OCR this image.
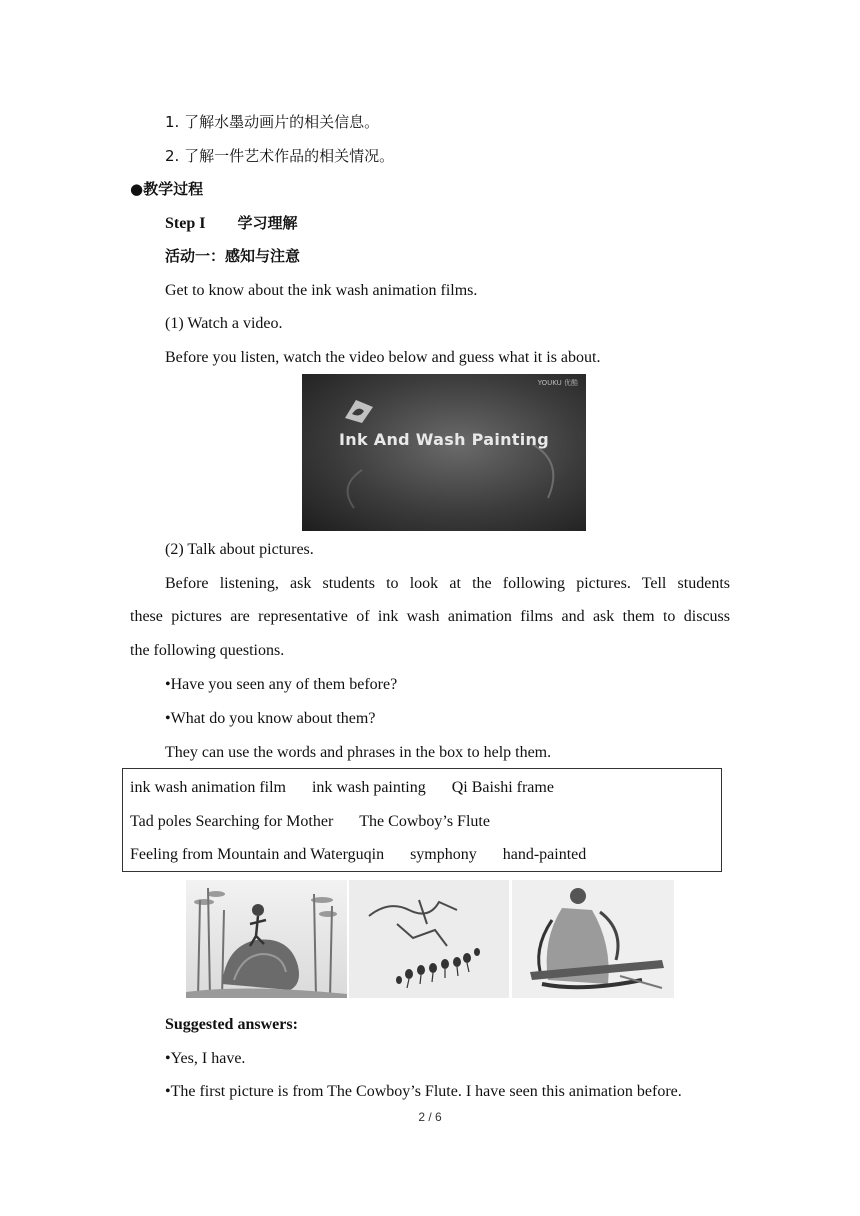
1. 了解水墨动画片的相关信息。
2. 了解一件艺术作品的相关情况。
●教学过程
Step I 学习理解
活动一：感知与注意
Get to know about the ink wash animation films.
(1) Watch a video.
Before you listen, watch the video below and guess what it is about.
YOUKU 优酷
Ink And Wash Painting
(2) Talk about pictures.
Before listening, ask students to look at the following pictures. Tell students
these pictures are representative of ink wash animation films and ask them to discuss
the following questions.
•Have you seen any of them before?
•What do you know about them?
They can use the words and phrases in the box to help them.
ink wash animation film ink wash painting Qi Baishi frame
Tad poles Searching for Mother The Cowboy’s Flute
Feeling from Mountain and Waterguqin symphony hand-painted
Suggested answers:
•Yes, I have.
•The first picture is from The Cowboy’s Flute. I have seen this animation before.
2 / 6
